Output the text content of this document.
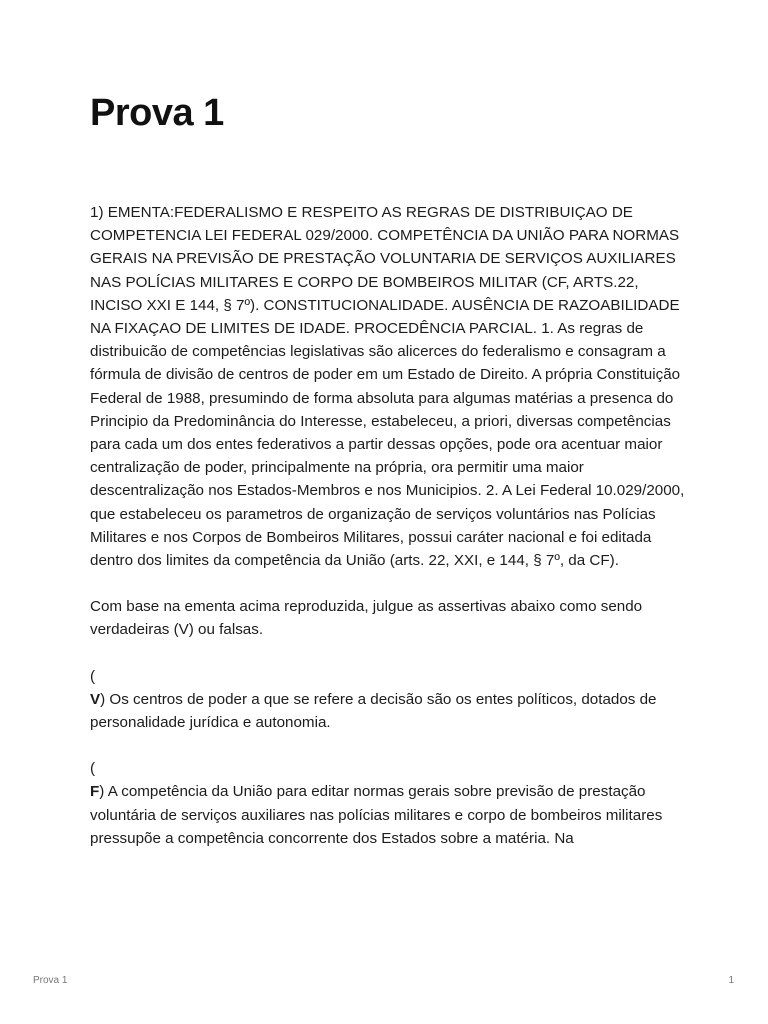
Prova 1

1) EMENTA:FEDERALISMO E RESPEITO AS REGRAS DE DISTRIBUIÇAO DE COMPETENCIA LEI FEDERAL 029/2000. COMPETÊNCIA DA UNIÃO PARA NORMAS GERAIS NA PREVISÃO DE PRESTAÇÃO VOLUNTARIA DE SERVIÇOS AUXILIARES NAS POLÍCIAS MILITARES E CORPO DE BOMBEIROS MILITAR (CF, ARTS.22, INCISO XXI E 144, § 7º). CONSTITUCIONALIDADE. AUSÊNCIA DE RAZOABILIDADE NA FIXAÇAO DE LIMITES DE IDADE. PROCEDÊNCIA PARCIAL. 1. As regras de distribuicão de competências legislativas são alicerces do federalismo e consagram a fórmula de divisão de centros de poder em um Estado de Direito. A própria Constituição Federal de 1988, presumindo de forma absoluta para algumas matérias a presenca do Principio da Predominância do Interesse, estabeleceu, a priori, diversas competências para cada um dos entes federativos a partir dessas opções, pode ora acentuar maior centralização de poder, principalmente na própria, ora permitir uma maior descentralização nos Estados-Membros e nos Municipios. 2. A Lei Federal 10.029/2000, que estabeleceu os parametros de organização de serviços voluntários nas Polícias Militares e nos Corpos de Bombeiros Militares, possui caráter nacional e foi editada dentro dos limites da competência da União (arts. 22, XXI, e 144, § 7º, da CF).

Com base na ementa acima reproduzida, julgue as assertivas abaixo como sendo verdadeiras (V) ou falsas.

(

V) Os centros de poder a que se refere a decisão são os entes políticos, dotados de personalidade jurídica e autonomia.

(

F) A competência da União para editar normas gerais sobre previsão de prestação voluntária de serviços auxiliares nas polícias militares e corpo de bombeiros militares pressupõe a competência concorrente dos Estados sobre a matéria. Na

Prova 1	1
